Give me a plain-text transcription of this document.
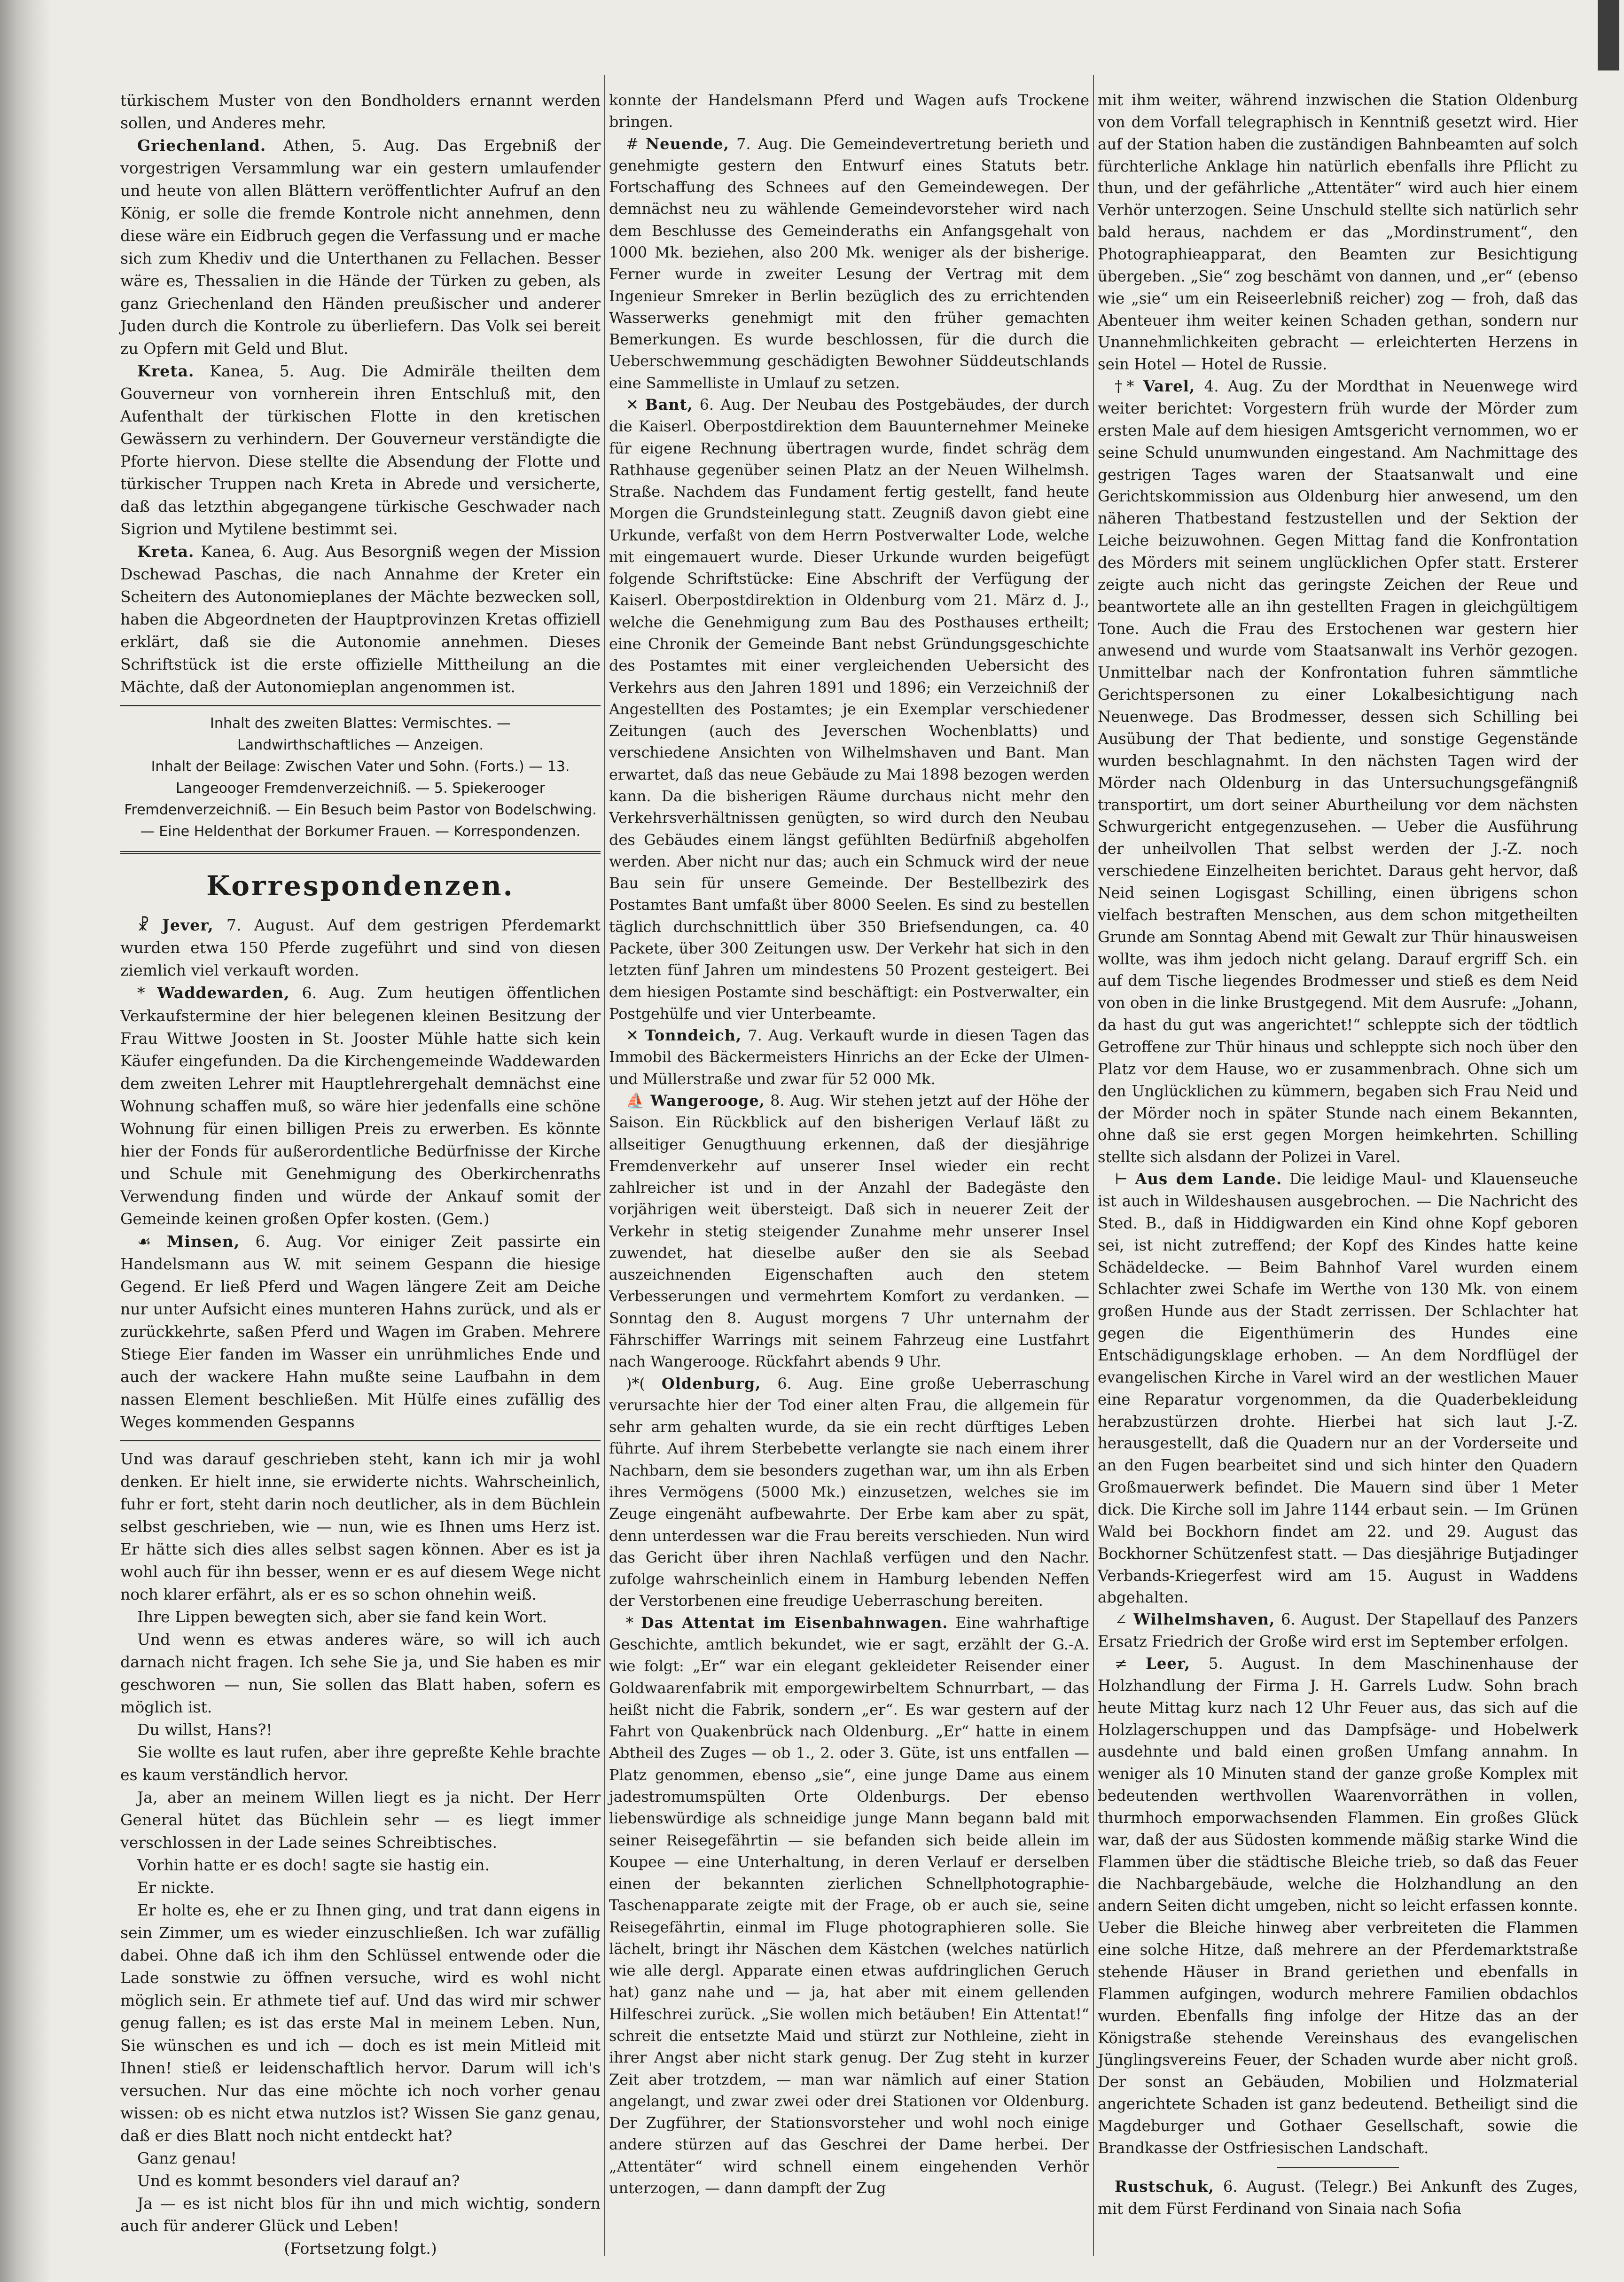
türkischem Muster von den Bondholders ernannt werden sollen, und Anderes mehr.

Griechenland. Athen, 5. Aug. Das Ergebniß der vorgestrigen Versammlung war ein gestern umlaufender und heute von allen Blättern veröffentlichter Aufruf an den König, er solle die fremde Kontrole nicht annehmen, denn diese wäre ein Eidbruch gegen die Verfassung und er mache sich zum Khediv und die Unterthanen zu Fellachen. Besser wäre es, Thessalien in die Hände der Türken zu geben, als ganz Griechenland den Händen preußischer und anderer Juden durch die Kontrole zu überliefern. Das Volk sei bereit zu Opfern mit Geld und Blut.

Kreta. Kanea, 5. Aug. Die Admiräle theilten dem Gouverneur von vornherein ihren Entschluß mit, den Aufenthalt der türkischen Flotte in den kretischen Gewässern zu verhindern. Der Gouverneur verständigte die Pforte hiervon. Diese stellte die Absendung der Flotte und türkischer Truppen nach Kreta in Abrede und versicherte, daß das letzthin abgegangene türkische Geschwader nach Sigrion und Mytilene bestimmt sei.

Kreta. Kanea, 6. Aug. Aus Besorgniß wegen der Mission Dschewad Paschas, die nach Annahme der Kreter ein Scheitern des Autonomieplanes der Mächte bezwecken soll, haben die Abgeordneten der Hauptprovinzen Kretas offiziell erklärt, daß sie die Autonomie annehmen. Dieses Schriftstück ist die erste offizielle Mittheilung an die Mächte, daß der Autonomieplan angenommen ist.

Inhalt des zweiten Blattes: Vermischtes. —
Landwirthschaftliches — Anzeigen.
Inhalt der Beilage: Zwischen Vater und Sohn. (Forts.) — 13. Langeooger Fremdenverzeichniß. — 5. Spiekerooger Fremdenverzeichniß. — Ein Besuch beim Pastor von Bodelschwing. — Eine Heldenthat der Borkumer Frauen. — Korrespondenzen.
Korrespondenzen.

☧ Jever, 7. August. Auf dem gestrigen Pferdemarkt wurden etwa 150 Pferde zugeführt und sind von diesen ziemlich viel verkauft worden.

* Waddewarden, 6. Aug. Zum heutigen öffentlichen Verkaufstermine der hier belegenen kleinen Besitzung der Frau Wittwe Joosten in St. Jooster Mühle hatte sich kein Käufer eingefunden. Da die Kirchengemeinde Waddewarden dem zweiten Lehrer mit Hauptlehrergehalt demnächst eine Wohnung schaffen muß, so wäre hier jedenfalls eine schöne Wohnung für einen billigen Preis zu erwerben. Es könnte hier der Fonds für außerordentliche Bedürfnisse der Kirche und Schule mit Genehmigung des Oberkirchenraths Verwendung finden und würde der Ankauf somit der Gemeinde keinen großen Opfer kosten. (Gem.)

☙ Minsen, 6. Aug. Vor einiger Zeit passirte ein Handelsmann aus W. mit seinem Gespann die hiesige Gegend. Er ließ Pferd und Wagen längere Zeit am Deiche nur unter Aufsicht eines munteren Hahns zurück, und als er zurückkehrte, saßen Pferd und Wagen im Graben. Mehrere Stiege Eier fanden im Wasser ein unrühmliches Ende und auch der wackere Hahn mußte seine Laufbahn in dem nassen Element beschließen. Mit Hülfe eines zufällig des Weges kommenden Gespanns

Und was darauf geschrieben steht, kann ich mir ja wohl denken. Er hielt inne, sie erwiderte nichts. Wahrscheinlich, fuhr er fort, steht darin noch deutlicher, als in dem Büchlein selbst geschrieben, wie — nun, wie es Ihnen ums Herz ist. Er hätte sich dies alles selbst sagen können. Aber es ist ja wohl auch für ihn besser, wenn er es auf diesem Wege nicht noch klarer erfährt, als er es so schon ohnehin weiß.

Ihre Lippen bewegten sich, aber sie fand kein Wort.

Und wenn es etwas anderes wäre, so will ich auch darnach nicht fragen. Ich sehe Sie ja, und Sie haben es mir geschworen — nun, Sie sollen das Blatt haben, sofern es möglich ist.

Du willst, Hans?!

Sie wollte es laut rufen, aber ihre gepreßte Kehle brachte es kaum verständlich hervor.

Ja, aber an meinem Willen liegt es ja nicht. Der Herr General hütet das Büchlein sehr — es liegt immer verschlossen in der Lade seines Schreibtisches.

Vorhin hatte er es doch! sagte sie hastig ein.

Er nickte.

Er holte es, ehe er zu Ihnen ging, und trat dann eigens in sein Zimmer, um es wieder einzuschließen. Ich war zufällig dabei. Ohne daß ich ihm den Schlüssel entwende oder die Lade sonstwie zu öffnen versuche, wird es wohl nicht möglich sein. Er athmete tief auf. Und das wird mir schwer genug fallen; es ist das erste Mal in meinem Leben. Nun, Sie wünschen es und ich — doch es ist mein Mitleid mit Ihnen! stieß er leidenschaftlich hervor. Darum will ich's versuchen. Nur das eine möchte ich noch vorher genau wissen: ob es nicht etwa nutzlos ist? Wissen Sie ganz genau, daß er dies Blatt noch nicht entdeckt hat?

Ganz genau!

Und es kommt besonders viel darauf an?

Ja — es ist nicht blos für ihn und mich wichtig, sondern auch für anderer Glück und Leben!

(Fortsetzung folgt.)

konnte der Handelsmann Pferd und Wagen aufs Trockene bringen.

# Neuende, 7. Aug. Die Gemeindevertretung berieth und genehmigte gestern den Entwurf eines Statuts betr. Fortschaffung des Schnees auf den Gemeindewegen. Der demnächst neu zu wählende Gemeindevorsteher wird nach dem Beschlusse des Gemeinderaths ein Anfangsgehalt von 1000 Mk. beziehen, also 200 Mk. weniger als der bisherige. Ferner wurde in zweiter Lesung der Vertrag mit dem Ingenieur Smreker in Berlin bezüglich des zu errichtenden Wasserwerks genehmigt mit den früher gemachten Bemerkungen. Es wurde beschlossen, für die durch die Ueberschwemmung geschädigten Bewohner Süddeutschlands eine Sammelliste in Umlauf zu setzen.

✕ Bant, 6. Aug. Der Neubau des Postgebäudes, der durch die Kaiserl. Oberpostdirektion dem Bauunternehmer Meineke für eigene Rechnung übertragen wurde, findet schräg dem Rathhause gegenüber seinen Platz an der Neuen Wilhelmsh. Straße. Nachdem das Fundament fertig gestellt, fand heute Morgen die Grundsteinlegung statt. Zeugniß davon giebt eine Urkunde, verfaßt von dem Herrn Postverwalter Lode, welche mit eingemauert wurde. Dieser Urkunde wurden beigefügt folgende Schriftstücke: Eine Abschrift der Verfügung der Kaiserl. Oberpostdirektion in Oldenburg vom 21. März d. J., welche die Genehmigung zum Bau des Posthauses ertheilt; eine Chronik der Gemeinde Bant nebst Gründungsgeschichte des Postamtes mit einer vergleichenden Uebersicht des Verkehrs aus den Jahren 1891 und 1896; ein Verzeichniß der Angestellten des Postamtes; je ein Exemplar verschiedener Zeitungen (auch des Jeverschen Wochenblatts) und verschiedene Ansichten von Wilhelmshaven und Bant. Man erwartet, daß das neue Gebäude zu Mai 1898 bezogen werden kann. Da die bisherigen Räume durchaus nicht mehr den Verkehrsverhältnissen genügten, so wird durch den Neubau des Gebäudes einem längst gefühlten Bedürfniß abgeholfen werden. Aber nicht nur das; auch ein Schmuck wird der neue Bau sein für unsere Gemeinde. Der Bestellbezirk des Postamtes Bant umfaßt über 8000 Seelen. Es sind zu bestellen täglich durchschnittlich über 350 Briefsendungen, ca. 40 Packete, über 300 Zeitungen usw. Der Verkehr hat sich in den letzten fünf Jahren um mindestens 50 Prozent gesteigert. Bei dem hiesigen Postamte sind beschäftigt: ein Postverwalter, ein Postgehülfe und vier Unterbeamte.

✕ Tonndeich, 7. Aug. Verkauft wurde in diesen Tagen das Immobil des Bäckermeisters Hinrichs an der Ecke der Ulmen- und Müllerstraße und zwar für 52 000 Mk.

⛵ Wangerooge, 8. Aug. Wir stehen jetzt auf der Höhe der Saison. Ein Rückblick auf den bisherigen Verlauf läßt zu allseitiger Genugthuung erkennen, daß der diesjährige Fremdenverkehr auf unserer Insel wieder ein recht zahlreicher ist und in der Anzahl der Badegäste den vorjährigen weit übersteigt. Daß sich in neuerer Zeit der Verkehr in stetig steigender Zunahme mehr unserer Insel zuwendet, hat dieselbe außer den sie als Seebad auszeichnenden Eigenschaften auch den stetem Verbesserungen und vermehrtem Komfort zu verdanken. — Sonntag den 8. August morgens 7 Uhr unternahm der Fährschiffer Warrings mit seinem Fahrzeug eine Lustfahrt nach Wangerooge. Rückfahrt abends 9 Uhr.

)*( Oldenburg, 6. Aug. Eine große Ueberraschung verursachte hier der Tod einer alten Frau, die allgemein für sehr arm gehalten wurde, da sie ein recht dürftiges Leben führte. Auf ihrem Sterbebette verlangte sie nach einem ihrer Nachbarn, dem sie besonders zugethan war, um ihn als Erben ihres Vermögens (5000 Mk.) einzusetzen, welches sie im Zeuge eingenäht aufbewahrte. Der Erbe kam aber zu spät, denn unterdessen war die Frau bereits verschieden. Nun wird das Gericht über ihren Nachlaß verfügen und den Nachr. zufolge wahrscheinlich einem in Hamburg lebenden Neffen der Verstorbenen eine freudige Ueberraschung bereiten.

* Das Attentat im Eisenbahnwagen. Eine wahrhaftige Geschichte, amtlich bekundet, wie er sagt, erzählt der G.-A. wie folgt: „Er“ war ein elegant gekleideter Reisender einer Goldwaarenfabrik mit emporgewirbeltem Schnurrbart, — das heißt nicht die Fabrik, sondern „er“. Es war gestern auf der Fahrt von Quakenbrück nach Oldenburg. „Er“ hatte in einem Abtheil des Zuges — ob 1., 2. oder 3. Güte, ist uns entfallen — Platz genommen, ebenso „sie“, eine junge Dame aus einem jadestromumspülten Orte Oldenburgs. Der ebenso liebenswürdige als schneidige junge Mann begann bald mit seiner Reisegefährtin — sie befanden sich beide allein im Koupee — eine Unterhaltung, in deren Verlauf er derselben einen der bekannten zierlichen Schnellphotographie-Taschenapparate zeigte mit der Frage, ob er auch sie, seine Reisegefährtin, einmal im Fluge photographieren solle. Sie lächelt, bringt ihr Näschen dem Kästchen (welches natürlich wie alle dergl. Apparate einen etwas aufdringlichen Geruch hat) ganz nahe und — ja, hat aber mit einem gellenden Hilfeschrei zurück. „Sie wollen mich betäuben! Ein Attentat!“ schreit die entsetzte Maid und stürzt zur Nothleine, zieht in ihrer Angst aber nicht stark genug. Der Zug steht in kurzer Zeit aber trotzdem, — man war nämlich auf einer Station angelangt, und zwar zwei oder drei Stationen vor Oldenburg. Der Zugführer, der Stationsvorsteher und wohl noch einige andere stürzen auf das Geschrei der Dame herbei. Der „Attentäter“ wird schnell einem eingehenden Verhör unterzogen, — dann dampft der Zug

mit ihm weiter, während inzwischen die Station Oldenburg von dem Vorfall telegraphisch in Kenntniß gesetzt wird. Hier auf der Station haben die zuständigen Bahnbeamten auf solch fürchterliche Anklage hin natürlich ebenfalls ihre Pflicht zu thun, und der gefährliche „Attentäter“ wird auch hier einem Verhör unterzogen. Seine Unschuld stellte sich natürlich sehr bald heraus, nachdem er das „Mordinstrument“, den Photographieapparat, den Beamten zur Besichtigung übergeben. „Sie“ zog beschämt von dannen, und „er“ (ebenso wie „sie“ um ein Reiseerlebniß reicher) zog — froh, daß das Abenteuer ihm weiter keinen Schaden gethan, sondern nur Unannehmlichkeiten gebracht — erleichterten Herzens in sein Hotel — Hotel de Russie.

†* Varel, 4. Aug. Zu der Mordthat in Neuenwege wird weiter berichtet: Vorgestern früh wurde der Mörder zum ersten Male auf dem hiesigen Amtsgericht vernommen, wo er seine Schuld unumwunden eingestand. Am Nachmittage des gestrigen Tages waren der Staatsanwalt und eine Gerichtskommission aus Oldenburg hier anwesend, um den näheren Thatbestand festzustellen und der Sektion der Leiche beizuwohnen. Gegen Mittag fand die Konfrontation des Mörders mit seinem unglücklichen Opfer statt. Ersterer zeigte auch nicht das geringste Zeichen der Reue und beantwortete alle an ihn gestellten Fragen in gleichgültigem Tone. Auch die Frau des Erstochenen war gestern hier anwesend und wurde vom Staatsanwalt ins Verhör gezogen. Unmittelbar nach der Konfrontation fuhren sämmtliche Gerichtspersonen zu einer Lokalbesichtigung nach Neuenwege. Das Brodmesser, dessen sich Schilling bei Ausübung der That bediente, und sonstige Gegenstände wurden beschlagnahmt. In den nächsten Tagen wird der Mörder nach Oldenburg in das Untersuchungsgefängniß transportirt, um dort seiner Aburtheilung vor dem nächsten Schwurgericht entgegenzusehen. — Ueber die Ausführung der unheilvollen That selbst werden der J.-Z. noch verschiedene Einzelheiten berichtet. Daraus geht hervor, daß Neid seinen Logisgast Schilling, einen übrigens schon vielfach bestraften Menschen, aus dem schon mitgetheilten Grunde am Sonntag Abend mit Gewalt zur Thür hinausweisen wollte, was ihm jedoch nicht gelang. Darauf ergriff Sch. ein auf dem Tische liegendes Brodmesser und stieß es dem Neid von oben in die linke Brustgegend. Mit dem Ausrufe: „Johann, da hast du gut was angerichtet!“ schleppte sich der tödtlich Getroffene zur Thür hinaus und schleppte sich noch über den Platz vor dem Hause, wo er zusammenbrach. Ohne sich um den Unglücklichen zu kümmern, begaben sich Frau Neid und der Mörder noch in später Stunde nach einem Bekannten, ohne daß sie erst gegen Morgen heimkehrten. Schilling stellte sich alsdann der Polizei in Varel.

⊢ Aus dem Lande. Die leidige Maul- und Klauenseuche ist auch in Wildeshausen ausgebrochen. — Die Nachricht des Sted. B., daß in Hiddigwarden ein Kind ohne Kopf geboren sei, ist nicht zutreffend; der Kopf des Kindes hatte keine Schädeldecke. — Beim Bahnhof Varel wurden einem Schlachter zwei Schafe im Werthe von 130 Mk. von einem großen Hunde aus der Stadt zerrissen. Der Schlachter hat gegen die Eigenthümerin des Hundes eine Entschädigungsklage erhoben. — An dem Nordflügel der evangelischen Kirche in Varel wird an der westlichen Mauer eine Reparatur vorgenommen, da die Quaderbekleidung herabzustürzen drohte. Hierbei hat sich laut J.-Z. herausgestellt, daß die Quadern nur an der Vorderseite und an den Fugen bearbeitet sind und sich hinter den Quadern Großmauerwerk befindet. Die Mauern sind über 1 Meter dick. Die Kirche soll im Jahre 1144 erbaut sein. — Im Grünen Wald bei Bockhorn findet am 22. und 29. August das Bockhorner Schützenfest statt. — Das diesjährige Butjadinger Verbands-Kriegerfest wird am 15. August in Waddens abgehalten.

∠ Wilhelmshaven, 6. August. Der Stapellauf des Panzers Ersatz Friedrich der Große wird erst im September erfolgen.

≠ Leer, 5. August. In dem Maschinenhause der Holzhandlung der Firma J. H. Garrels Ludw. Sohn brach heute Mittag kurz nach 12 Uhr Feuer aus, das sich auf die Holzlagerschuppen und das Dampfsäge- und Hobelwerk ausdehnte und bald einen großen Umfang annahm. In weniger als 10 Minuten stand der ganze große Komplex mit bedeutenden werthvollen Waarenvorräthen in vollen, thurmhoch emporwachsenden Flammen. Ein großes Glück war, daß der aus Südosten kommende mäßig starke Wind die Flammen über die städtische Bleiche trieb, so daß das Feuer die Nachbargebäude, welche die Holzhandlung an den andern Seiten dicht umgeben, nicht so leicht erfassen konnte. Ueber die Bleiche hinweg aber verbreiteten die Flammen eine solche Hitze, daß mehrere an der Pferdemarktstraße stehende Häuser in Brand geriethen und ebenfalls in Flammen aufgingen, wodurch mehrere Familien obdachlos wurden. Ebenfalls fing infolge der Hitze das an der Königstraße stehende Vereinshaus des evangelischen Jünglingsvereins Feuer, der Schaden wurde aber nicht groß. Der sonst an Gebäuden, Mobilien und Holzmaterial angerichtete Schaden ist ganz bedeutend. Betheiligt sind die Magdeburger und Gothaer Gesellschaft, sowie die Brandkasse der Ostfriesischen Landschaft.

Rustschuk, 6. August. (Telegr.) Bei Ankunft des Zuges, mit dem Fürst Ferdinand von Sinaia nach Sofia
